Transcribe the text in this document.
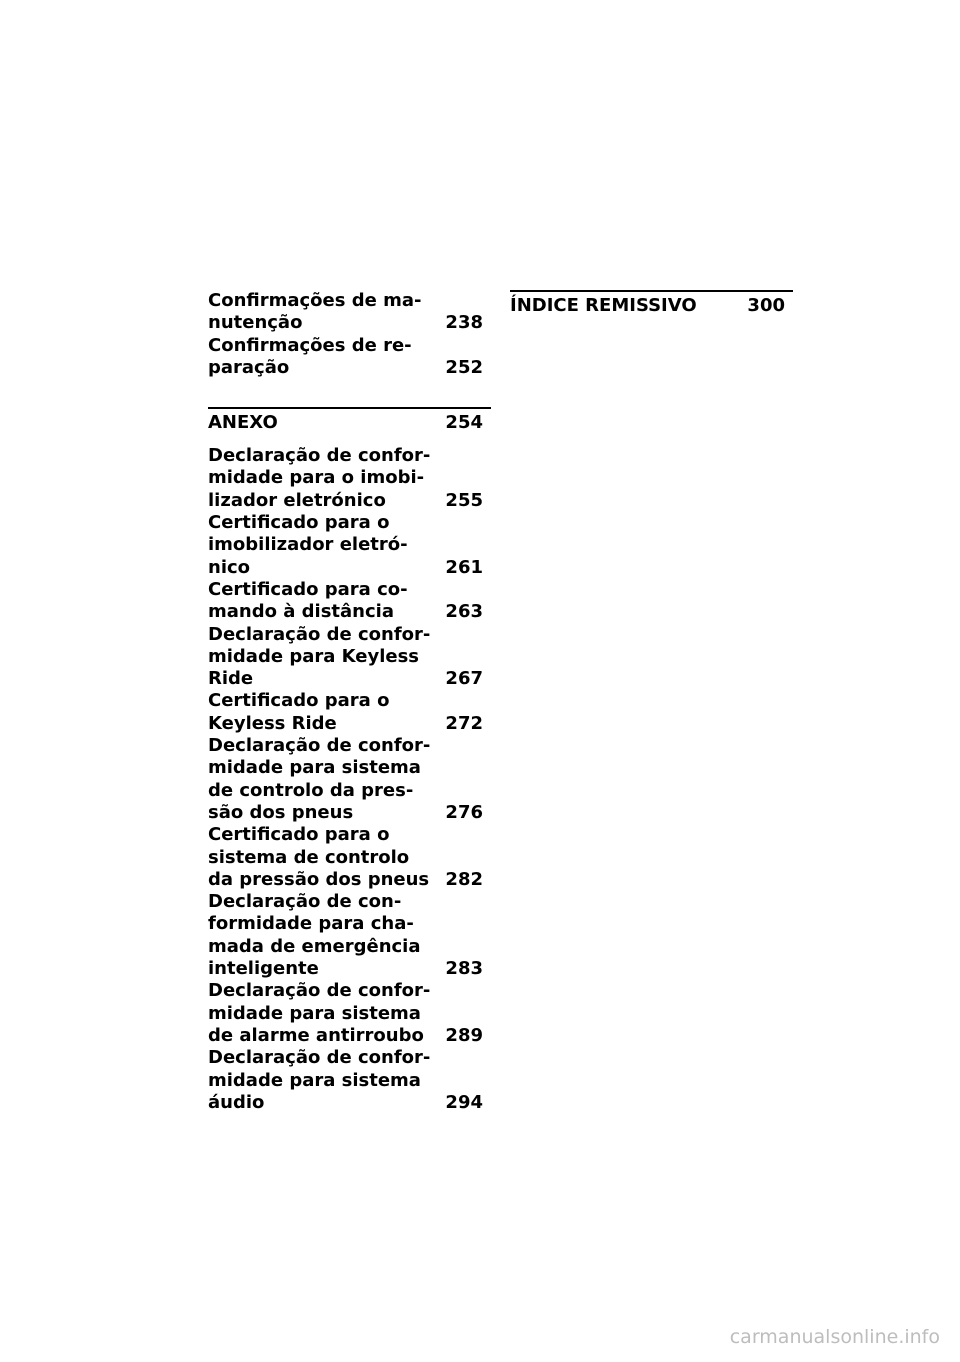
Confirmações de ma-
nutenção	238
Confirmações de re-
paração	252
ANEXO	254
Declaração de confor-
midade para o imobi-
lizador eletrónico	255
Certificado para o
imobilizador eletró-
nico	261
Certificado para co-
mando à distância	263
Declaração de confor-
midade para Keyless
Ride	267
Certificado para o
Keyless Ride	272
Declaração de confor-
midade para sistema
de controlo da pres-
são dos pneus	276
Certificado para o
sistema de controlo
da pressão dos pneus 282
Declaração de con-
formidade para cha-
mada de emergência
inteligente	283
Declaração de confor-
midade para sistema
de alarme antirroubo	289
Declaração de confor-
midade para sistema
áudio	294
ÍNDICE REMISSIVO	300
carmanualsonline.info
